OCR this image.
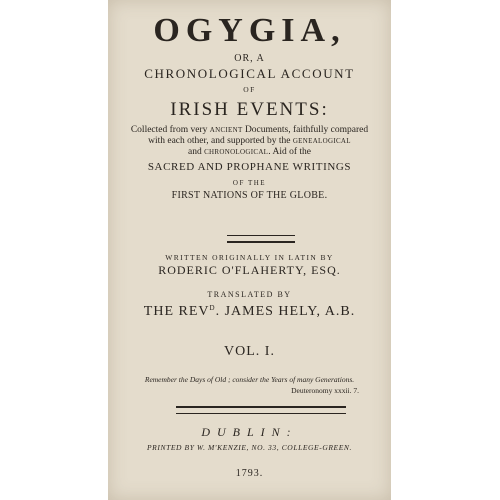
OGYGIA,
OR, A
CHRONOLOGICAL ACCOUNT
OF
IRISH EVENTS:
Collected from very ANCIENT Documents, faithfully compared
with each other, and supported by the GENEALOGICAL
and CHRONOLOGICAL. Aid of the
SACRED AND PROPHANE WRITINGS
OF THE
FIRST NATIONS OF THE GLOBE.
WRITTEN ORIGINALLY IN LATIN BY
RODERIC O'FLAHERTY, ESQ.
TRANSLATED BY
THE $REV^D$. JAMES HELY, A.B.
VOL. I.
Remember the Days of Old ; consider the Years of many Generations.
Deuteronomy xxxii. 7.
DUBLIN:
PRINTED BY W. M'KENZIE, NO. 33, COLLEGE-GREEN.
1793.
